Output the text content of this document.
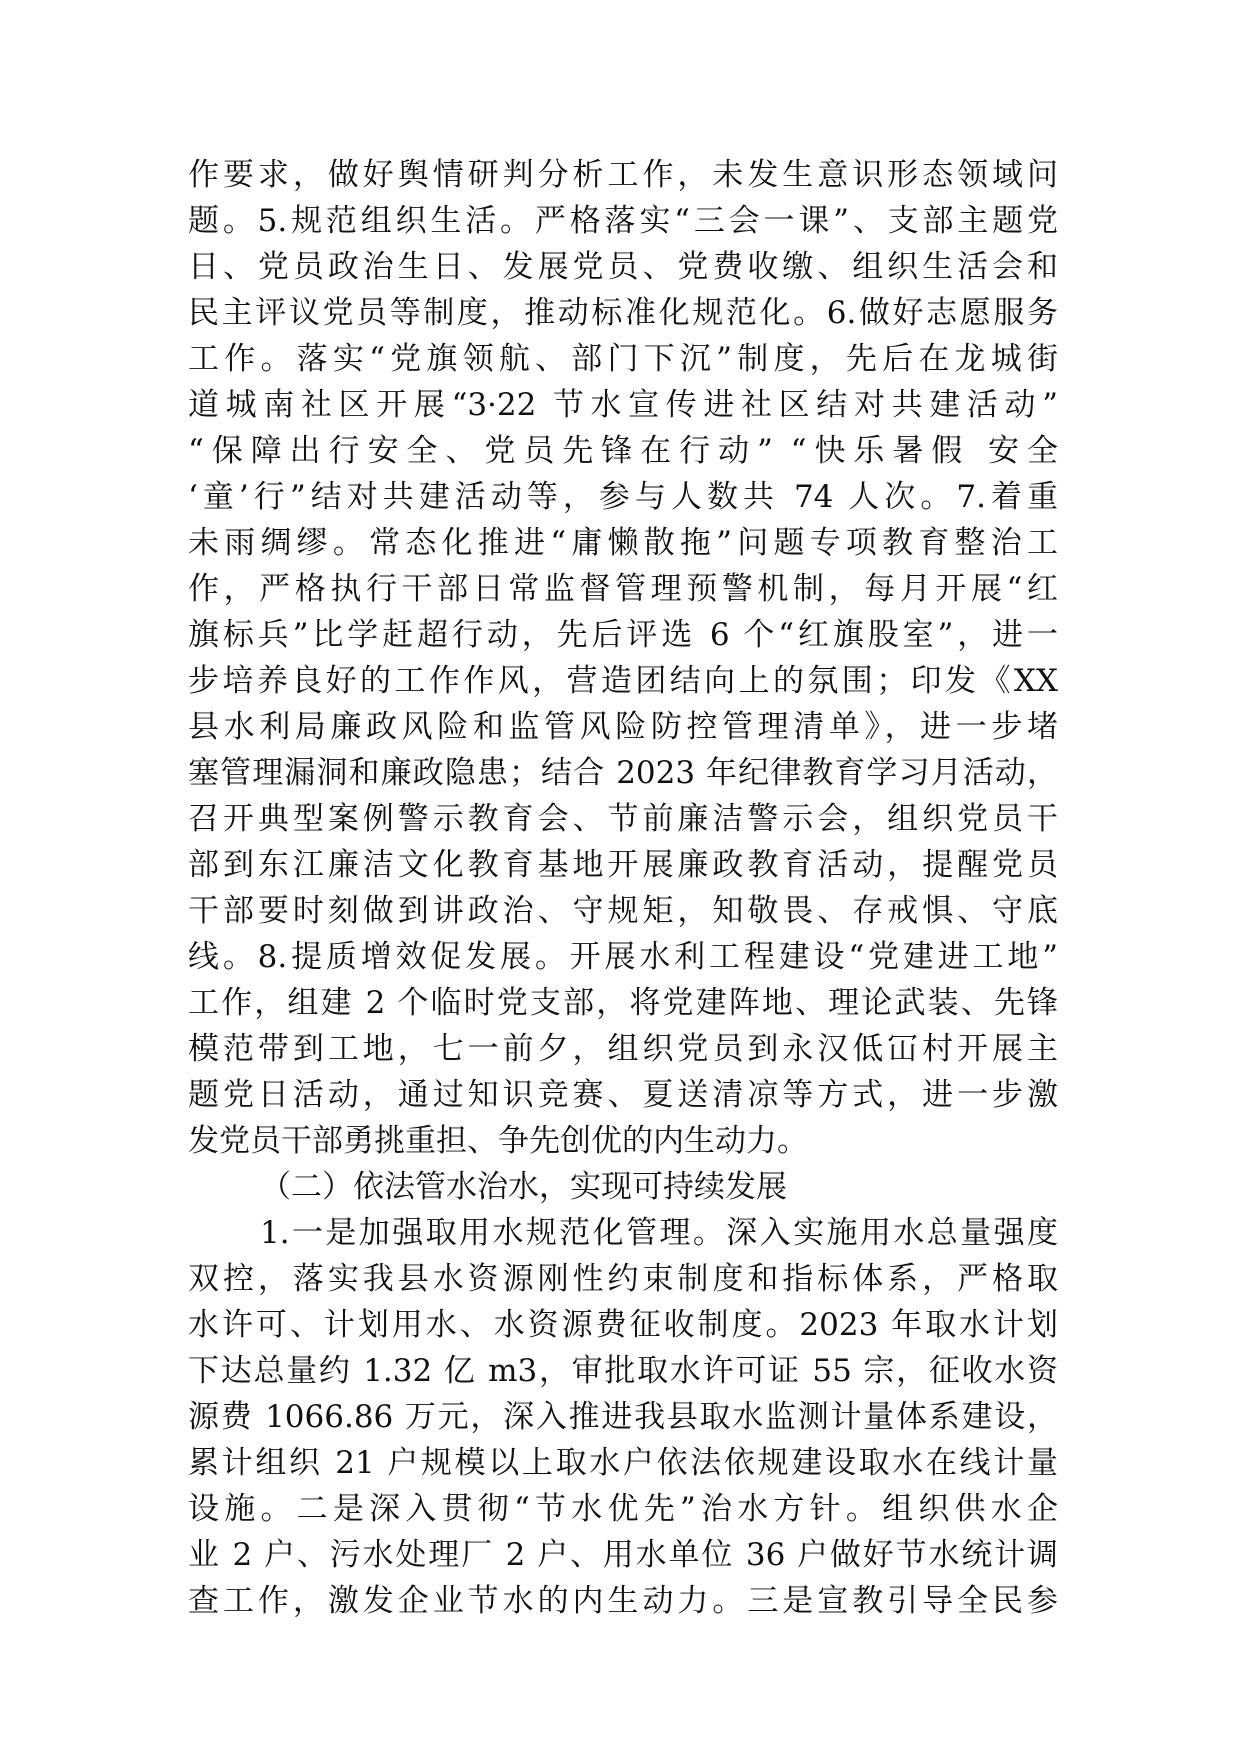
作要求，做好舆情研判分析工作，未发生意识形态领域问
题。5.规范组织生活。严格落实“三会一课”、支部主题党
日、党员政治生日、发展党员、党费收缴、组织生活会和
民主评议党员等制度，推动标准化规范化。6.做好志愿服务
工作。落实“党旗领航、部门下沉”制度，先后在龙城街
道城南社区开展“3·22 节水宣传进社区结对共建活动”
“保障出行安全、党员先锋在行动” “快乐暑假 安全
‘童’行”结对共建活动等，参与人数共 74 人次。7.着重
未雨绸缪。常态化推进“庸懒散拖”问题专项教育整治工
作，严格执行干部日常监督管理预警机制，每月开展“红
旗标兵”比学赶超行动，先后评选 6 个“红旗股室”，进一
步培养良好的工作作风，营造团结向上的氛围；印发《XX
县水利局廉政风险和监管风险防控管理清单》，进一步堵
塞管理漏洞和廉政隐患；结合 2023 年纪律教育学习月活动，
召开典型案例警示教育会、节前廉洁警示会，组织党员干
部到东江廉洁文化教育基地开展廉政教育活动，提醒党员
干部要时刻做到讲政治、守规矩，知敬畏、存戒惧、守底
线。8.提质增效促发展。开展水利工程建设“党建进工地”
工作，组建 2 个临时党支部，将党建阵地、理论武装、先锋
模范带到工地，七一前夕，组织党员到永汉低冚村开展主
题党日活动，通过知识竞赛、夏送清凉等方式，进一步激
发党员干部勇挑重担、争先创优的内生动力。
（二）依法管水治水，实现可持续发展
1.一是加强取用水规范化管理。深入实施用水总量强度
双控，落实我县水资源刚性约束制度和指标体系，严格取
水许可、计划用水、水资源费征收制度。2023 年取水计划
下达总量约 1.32 亿 m3，审批取水许可证 55 宗，征收水资
源费 1066.86 万元，深入推进我县取水监测计量体系建设，
累计组织 21 户规模以上取水户依法依规建设取水在线计量
设施。二是深入贯彻“节水优先”治水方针。组织供水企
业 2 户、污水处理厂 2 户、用水单位 36 户做好节水统计调
查工作，激发企业节水的内生动力。三是宣教引导全民参
